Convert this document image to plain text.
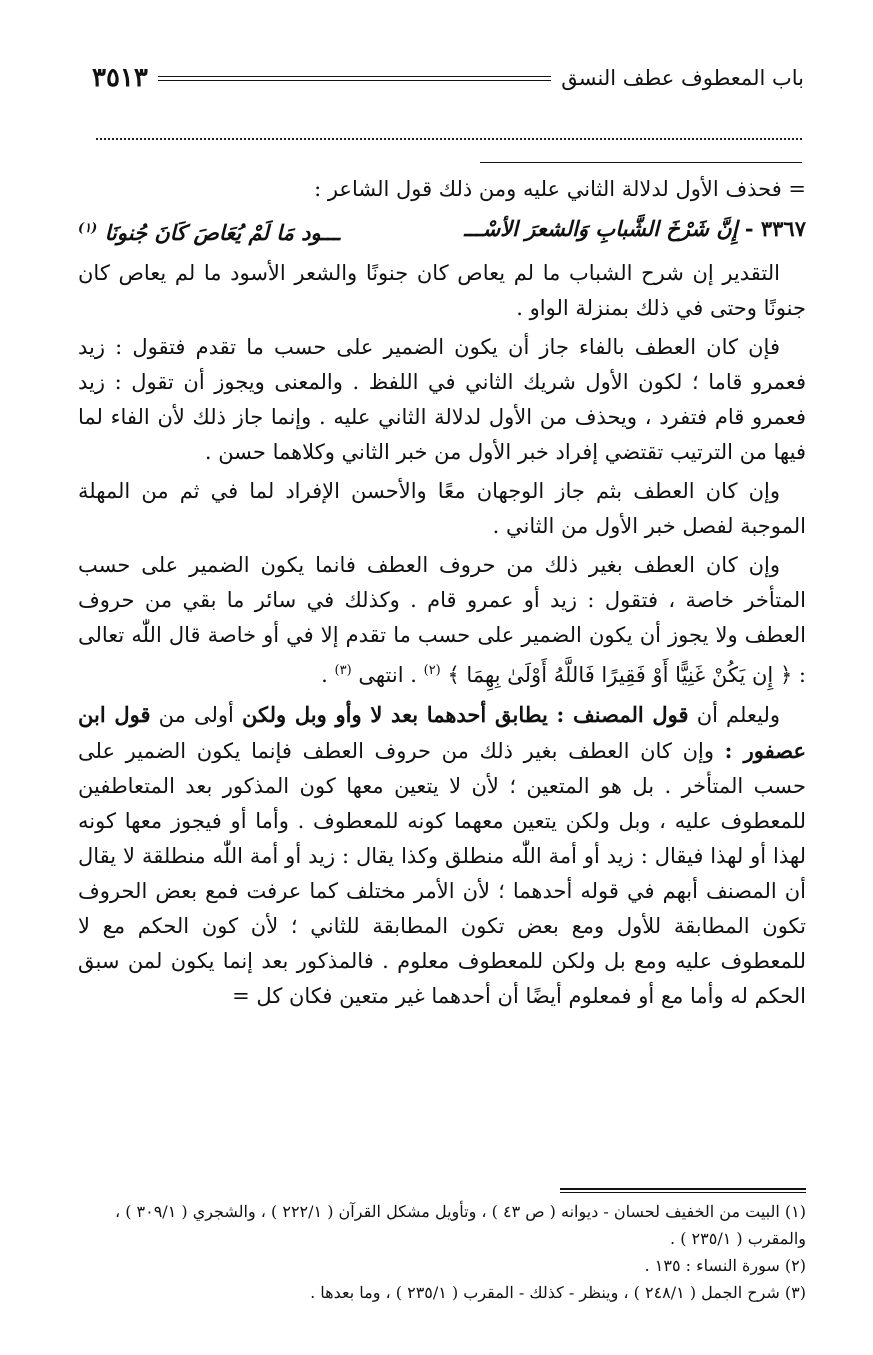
باب المعطوف عطف النسق
٣٥١٣

= فحذف الأول لدلالة الثاني عليه ومن ذلك قول الشاعر :

٣٣٦٧ - إِنَّ شَرْخَ الشَّبابِ وَالشعرَ الأسْـــ
ـــود مَا لَمْ يُعَاصَ كَانَ جُنونَا $^{(١)}$

التقدير إن شرح الشباب ما لم يعاص كان جنونًا والشعر الأسود ما لم يعاص كان جنونًا وحتى في ذلك بمنزلة الواو .

فإن كان العطف بالفاء جاز أن يكون الضمير على حسب ما تقدم فتقول : زيد فعمرو قاما ؛ لكون الأول شريك الثاني في اللفظ . والمعنى ويجوز أن تقول : زيد فعمرو قام فتفرد ، ويحذف من الأول لدلالة الثاني عليه . وإنما جاز ذلك لأن الفاء لما فيها من الترتيب تقتضي إفراد خبر الأول من خبر الثاني وكلاهما حسن .

وإن كان العطف بثم جاز الوجهان معًا والأحسن الإفراد لما في ثم من المهلة الموجبة لفصل خبر الأول من الثاني .

وإن كان العطف بغير ذلك من حروف العطف فانما يكون الضمير على حسب المتأخر خاصة ، فتقول : زيد أو عمرو قام . وكذلك في سائر ما بقي من حروف العطف ولا يجوز أن يكون الضمير على حسب ما تقدم إلا في أو خاصة قال اللّٰه تعالى : ﴿ إِن يَكُنْ غَنِيًّا أَوْ فَقِيرًا فَاللَّهُ أَوْلَىٰ بِهِمَا ﴾ $^{(٢)}$ . انتهى $^{(٣)}$ .

وليعلم أن قول المصنف : يطابق أحدهما بعد لا وأو وبل ولكن أولى من قول ابن عصفور : وإن كان العطف بغير ذلك من حروف العطف فإنما يكون الضمير على حسب المتأخر . بل هو المتعين ؛ لأن لا يتعين معها كون المذكور بعد المتعاطفين للمعطوف عليه ، وبل ولكن يتعين معهما كونه للمعطوف . وأما أو فيجوز معها كونه لهذا أو لهذا فيقال : زيد أو أمة اللّٰه منطلق وكذا يقال : زيد أو أمة اللّٰه منطلقة لا يقال أن المصنف أبهم في قوله أحدهما ؛ لأن الأمر مختلف كما عرفت فمع بعض الحروف تكون المطابقة للأول ومع بعض تكون المطابقة للثاني ؛ لأن كون الحكم مع لا للمعطوف عليه ومع بل ولكن للمعطوف معلوم . فالمذكور بعد إنما يكون لمن سبق الحكم له وأما مع أو فمعلوم أيضًا أن أحدهما غير متعين فكان كل =

(١) البيت من الخفيف لحسان - ديوانه ( ص ٤٣ ) ، وتأويل مشكل القرآن ( ٢٢٢/١ ) ، والشجري ( ٣٠٩/١ ) ، والمقرب ( ٢٣٥/١ ) .
(٢) سورة النساء : ١٣٥ .
(٣) شرح الجمل ( ٢٤٨/١ ) ، وينظر - كذلك - المقرب ( ٢٣٥/١ ) ، وما بعدها .
